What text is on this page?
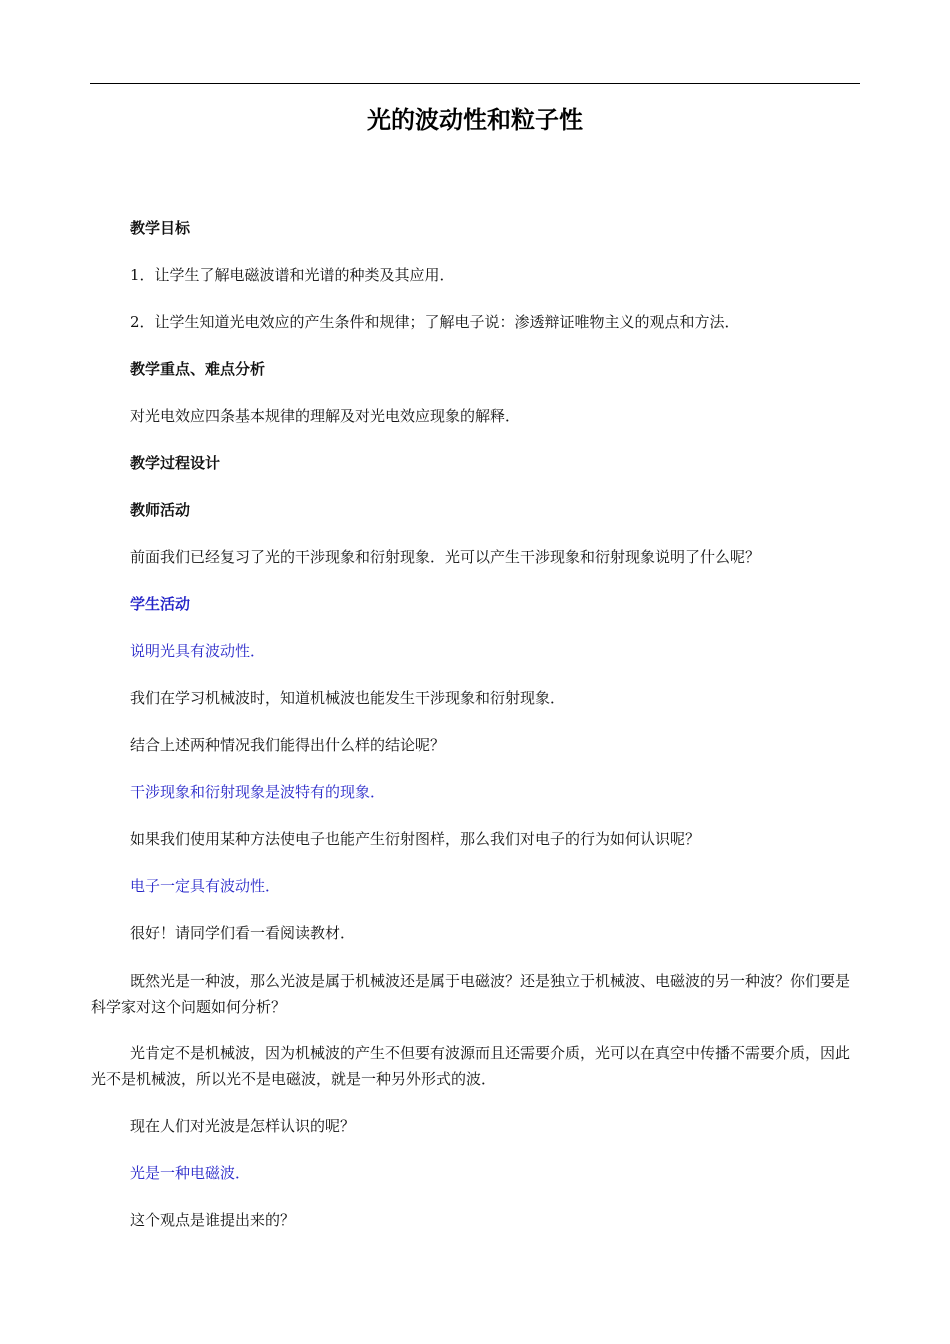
光的波动性和粒子性

教学目标

1．让学生了解电磁波谱和光谱的种类及其应用．

2．让学生知道光电效应的产生条件和规律；了解电子说：渗透辩证唯物主义的观点和方法．

教学重点、难点分析

对光电效应四条基本规律的理解及对光电效应现象的解释．

教学过程设计

教师活动

前面我们已经复习了光的干涉现象和衍射现象．光可以产生干涉现象和衍射现象说明了什么呢？

学生活动

说明光具有波动性．

我们在学习机械波时，知道机械波也能发生干涉现象和衍射现象．

结合上述两种情况我们能得出什么样的结论呢？

干涉现象和衍射现象是波特有的现象．

如果我们使用某种方法使电子也能产生衍射图样，那么我们对电子的行为如何认识呢？

电子一定具有波动性．

很好！请同学们看一看阅读教材．

既然光是一种波，那么光波是属于机械波还是属于电磁波？还是独立于机械波、电磁波的另一种波？你们要是科学家对这个问题如何分析？

光肯定不是机械波，因为机械波的产生不但要有波源而且还需要介质，光可以在真空中传播不需要介质，因此光不是机械波，所以光不是电磁波，就是一种另外形式的波．

现在人们对光波是怎样认识的呢？

光是一种电磁波．

这个观点是谁提出来的？
